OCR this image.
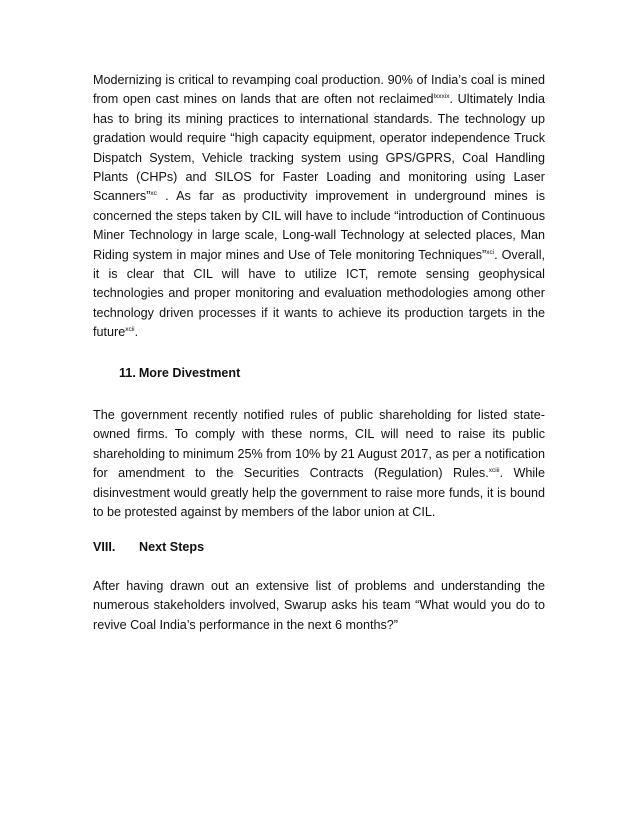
Modernizing is critical to revamping coal production. 90% of India’s coal is mined from open cast mines on lands that are often not reclaimed$^{lxxxix}$. Ultimately India has to bring its mining practices to international standards. The technology up gradation would require “high capacity equipment, operator independence Truck Dispatch System, Vehicle tracking system using GPS/GPRS, Coal Handling Plants (CHPs) and SILOS for Faster Loading and monitoring using Laser Scanners”$^{xc}$ . As far as productivity improvement in underground mines is concerned the steps taken by CIL will have to include “introduction of Continuous Miner Technology in large scale, Long-wall Technology at selected places, Man Riding system in major mines and Use of Tele monitoring Techniques”$^{xci}$. Overall, it is clear that CIL will have to utilize ICT, remote sensing geophysical technologies and proper monitoring and evaluation methodologies among other technology driven processes if it wants to achieve its production targets in the future$^{xcii}$.

11. More Divestment

The government recently notified rules of public shareholding for listed state-owned firms. To comply with these norms, CIL will need to raise its public shareholding to minimum 25% from 10% by 21 August 2017, as per a notification for amendment to the Securities Contracts (Regulation) Rules.$^{xciii}$. While disinvestment would greatly help the government to raise more funds, it is bound to be protested against by members of the labor union at CIL.

VIII. Next Steps

After having drawn out an extensive list of problems and understanding the numerous stakeholders involved, Swarup asks his team “What would you do to revive Coal India’s performance in the next 6 months?”
